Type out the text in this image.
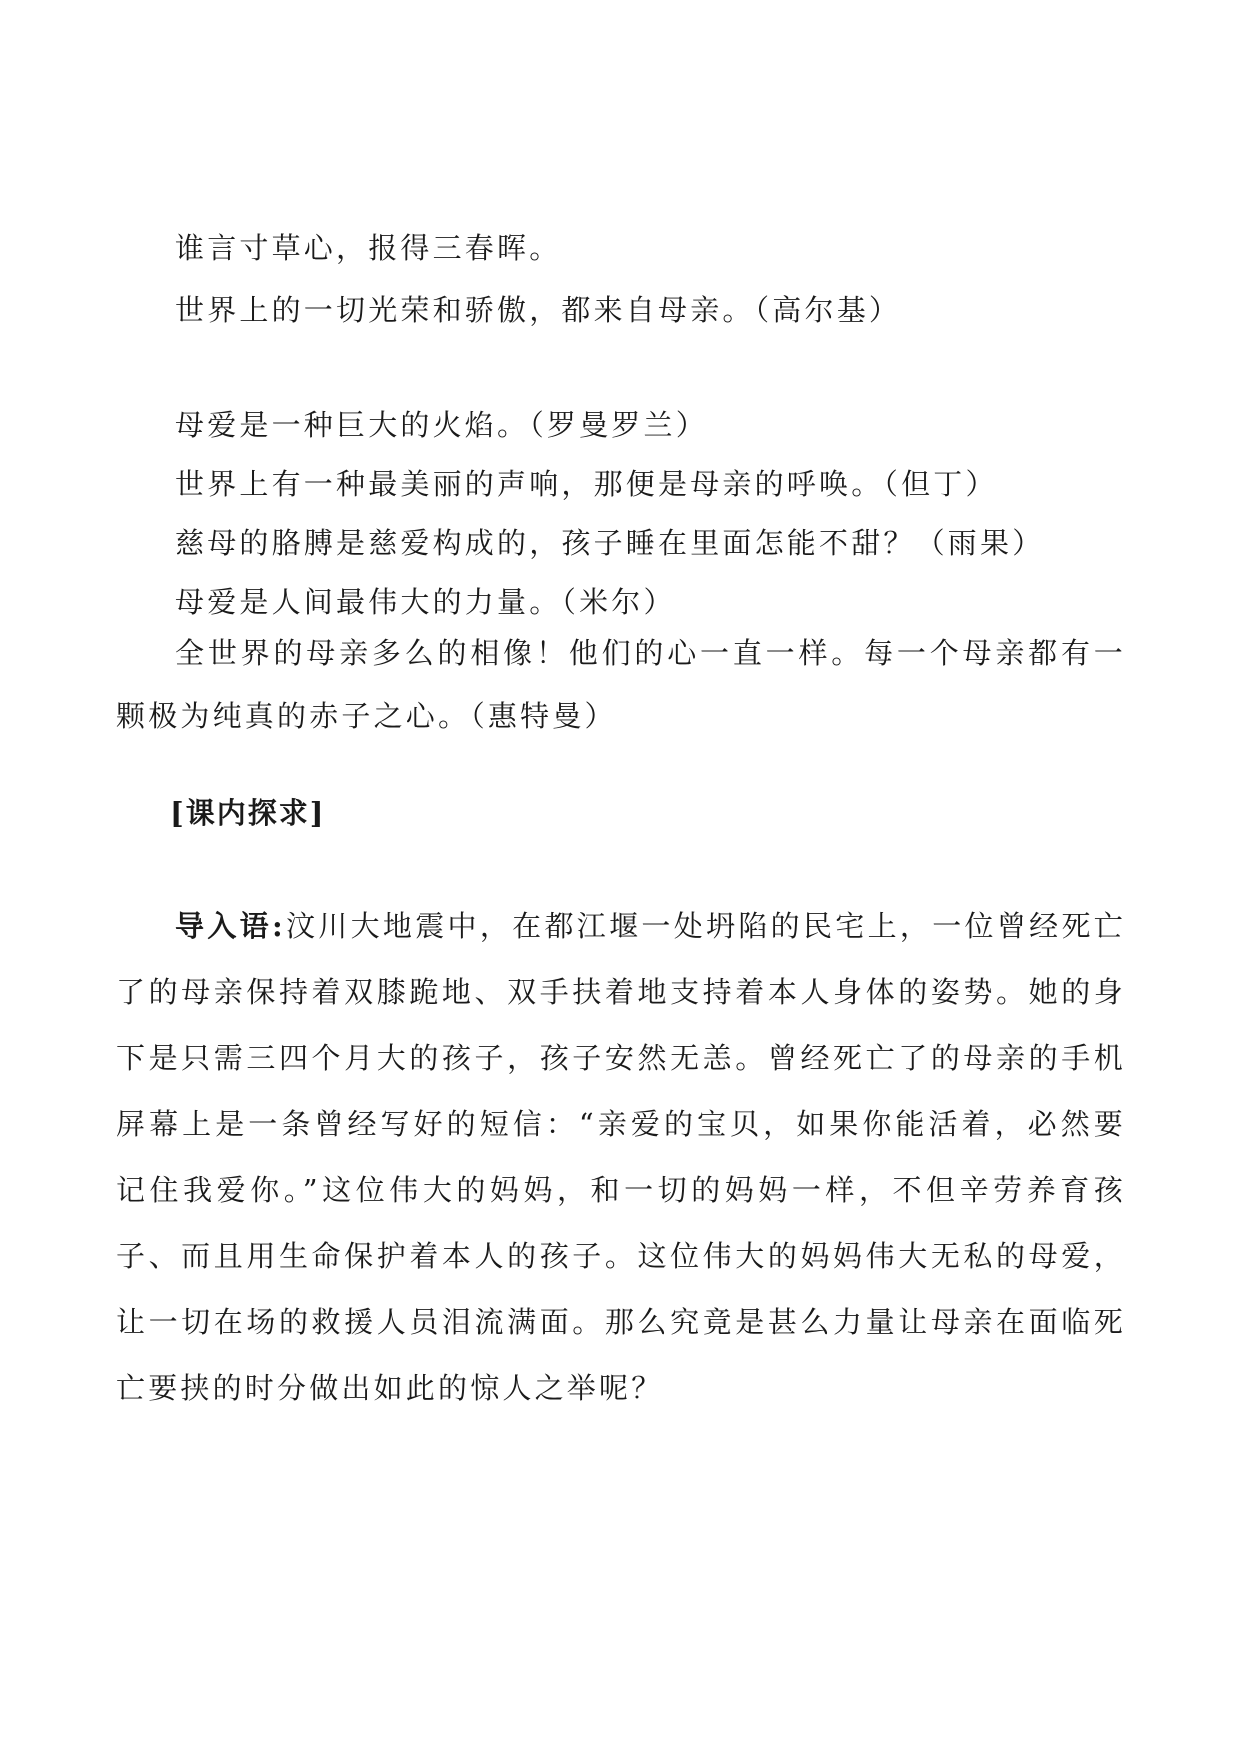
谁言寸草心，报得三春晖。
世界上的一切光荣和骄傲，都来自母亲。（高尔基）
母爱是一种巨大的火焰。（罗曼罗兰）
世界上有一种最美丽的声响，那便是母亲的呼唤。（但丁）
慈母的胳膊是慈爱构成的，孩子睡在里面怎能不甜？（雨果）
母爱是人间最伟大的力量。（米尔）

全世界的母亲多么的相像！他们的心一直一样。每一个母亲都有一颗极为纯真的赤子之心。（惠特曼）

[课内探求]

导入语:汶川大地震中，在都江堰一处坍陷的民宅上，一位曾经死亡了的母亲保持着双膝跪地、双手扶着地支持着本人身体的姿势。她的身下是只需三四个月大的孩子，孩子安然无恙。曾经死亡了的母亲的手机屏幕上是一条曾经写好的短信：“亲爱的宝贝，如果你能活着，必然要记住我爱你。”这位伟大的妈妈，和一切的妈妈一样，不但辛劳养育孩子、而且用生命保护着本人的孩子。这位伟大的妈妈伟大无私的母爱，让一切在场的救援人员泪流满面。那么究竟是甚么力量让母亲在面临死亡要挟的时分做出如此的惊人之举呢？
